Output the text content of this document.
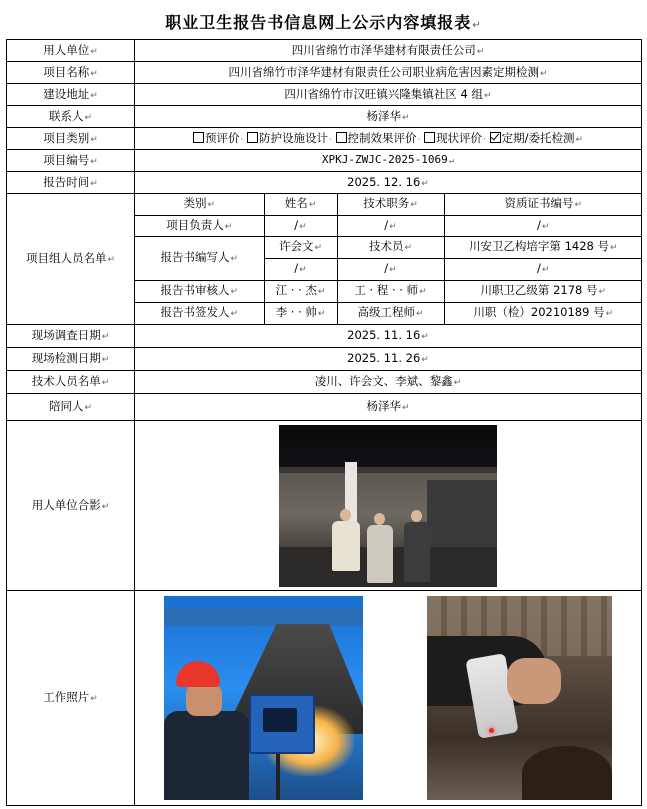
职业卫生报告书信息网上公示内容填报表↵
用人单位↵	四川省绵竹市泽华建材有限责任公司↵
项目名称↵	四川省绵竹市泽华建材有限责任公司职业病危害因素定期检测↵
建设地址↵	四川省绵竹市汉旺镇兴隆集镇社区 4 组↵
联系人↵	杨泽华↵
项目类别↵	预评价· 防护设施设计· 控制效果评价· 现状评价· 定期/委托检测↵
项目编号↵	XPKJ-ZWJC-2025-1069↵
报告时间↵	2025. 12. 16↵
项目组人员名单↵	
类别↵	姓名↵	技术职务↵	资质证书编号↵
项目负责人↵	/↵	/↵	/↵
报告书编写人↵	许会文↵	技术员↵	川安卫乙构培字第 1428 号↵
/↵	/↵	/↵
报告书审核人↵	江 · · 杰↵	工 · 程 · · 师↵	川职卫乙级第 2178 号↵
报告书签发人↵	李 · · 帅↵	高级工程师↵	川职（检）20210189 号↵

现场调查日期↵	2025. 11. 16↵
现场检测日期↵	2025. 11. 26↵
技术人员名单↵	凌川、许会文、李斌、黎鑫↵
陪同人↵	杨泽华↵
用人单位合影↵	

工作照片↵	
